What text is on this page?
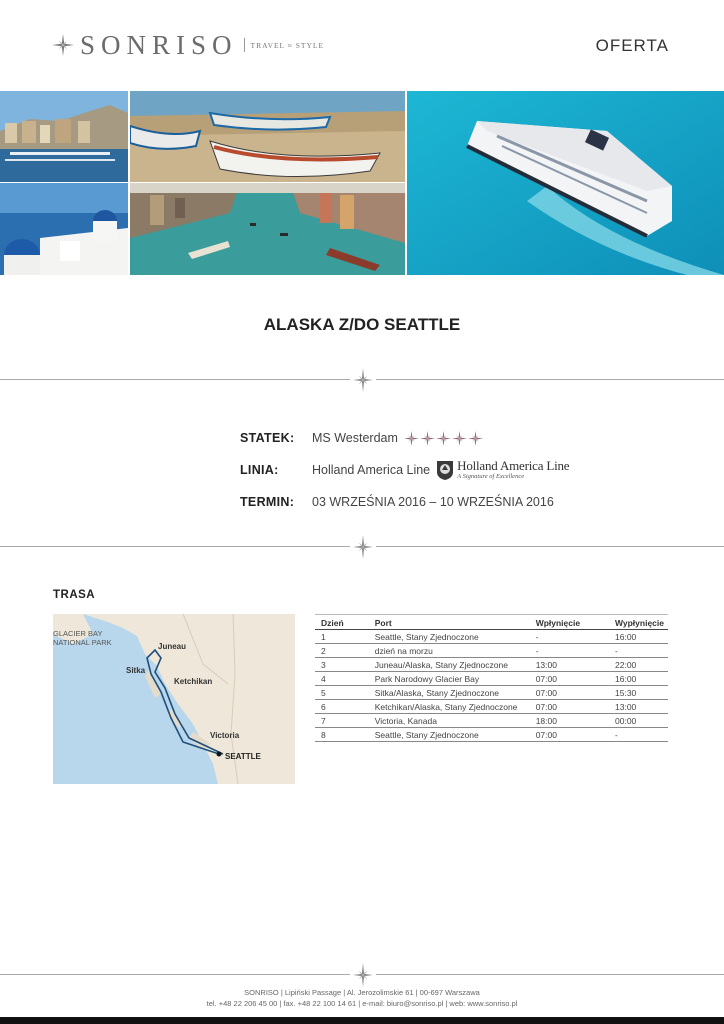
SONRISO TRAVEL ≈ STYLE	OFERTA
ALASKA Z/DO SEATTLE
STATEK:	MS Westerdam
LINIA:	Holland America Line Holland America Line
A Signature of Excellence
TERMIN:	03 WRZEŚNIA 2016 – 10 WRZEŚNIA 2016
TRASA
GLACIER BAY
NATIONAL PARK	Juneau
Sitka
Ketchikan
Victoria
SEATTLE
Dzień	Port	Wpłynięcie	Wypłynięcie
1	Seattle, Stany Zjednoczone	-	16:00
2	dzień na morzu	-	-
3	Juneau/Alaska, Stany Zjednoczone	13:00	22:00
4	Park Narodowy Glacier Bay	07:00	16:00
5	Sitka/Alaska, Stany Zjednoczone	07:00	15:30
6	Ketchikan/Alaska, Stany Zjednoczone	07:00	13:00
7	Victoria, Kanada	18:00	00:00
8	Seattle, Stany Zjednoczone	07:00	-
SONRISO | Lipiński Passage | Al. Jerozolimskie 61 | 00-697 Warszawa
tel. +48 22 206 45 00 | fax. +48 22 100 14 61 | e-mail: biuro@sonriso.pl | web: www.sonriso.pl
